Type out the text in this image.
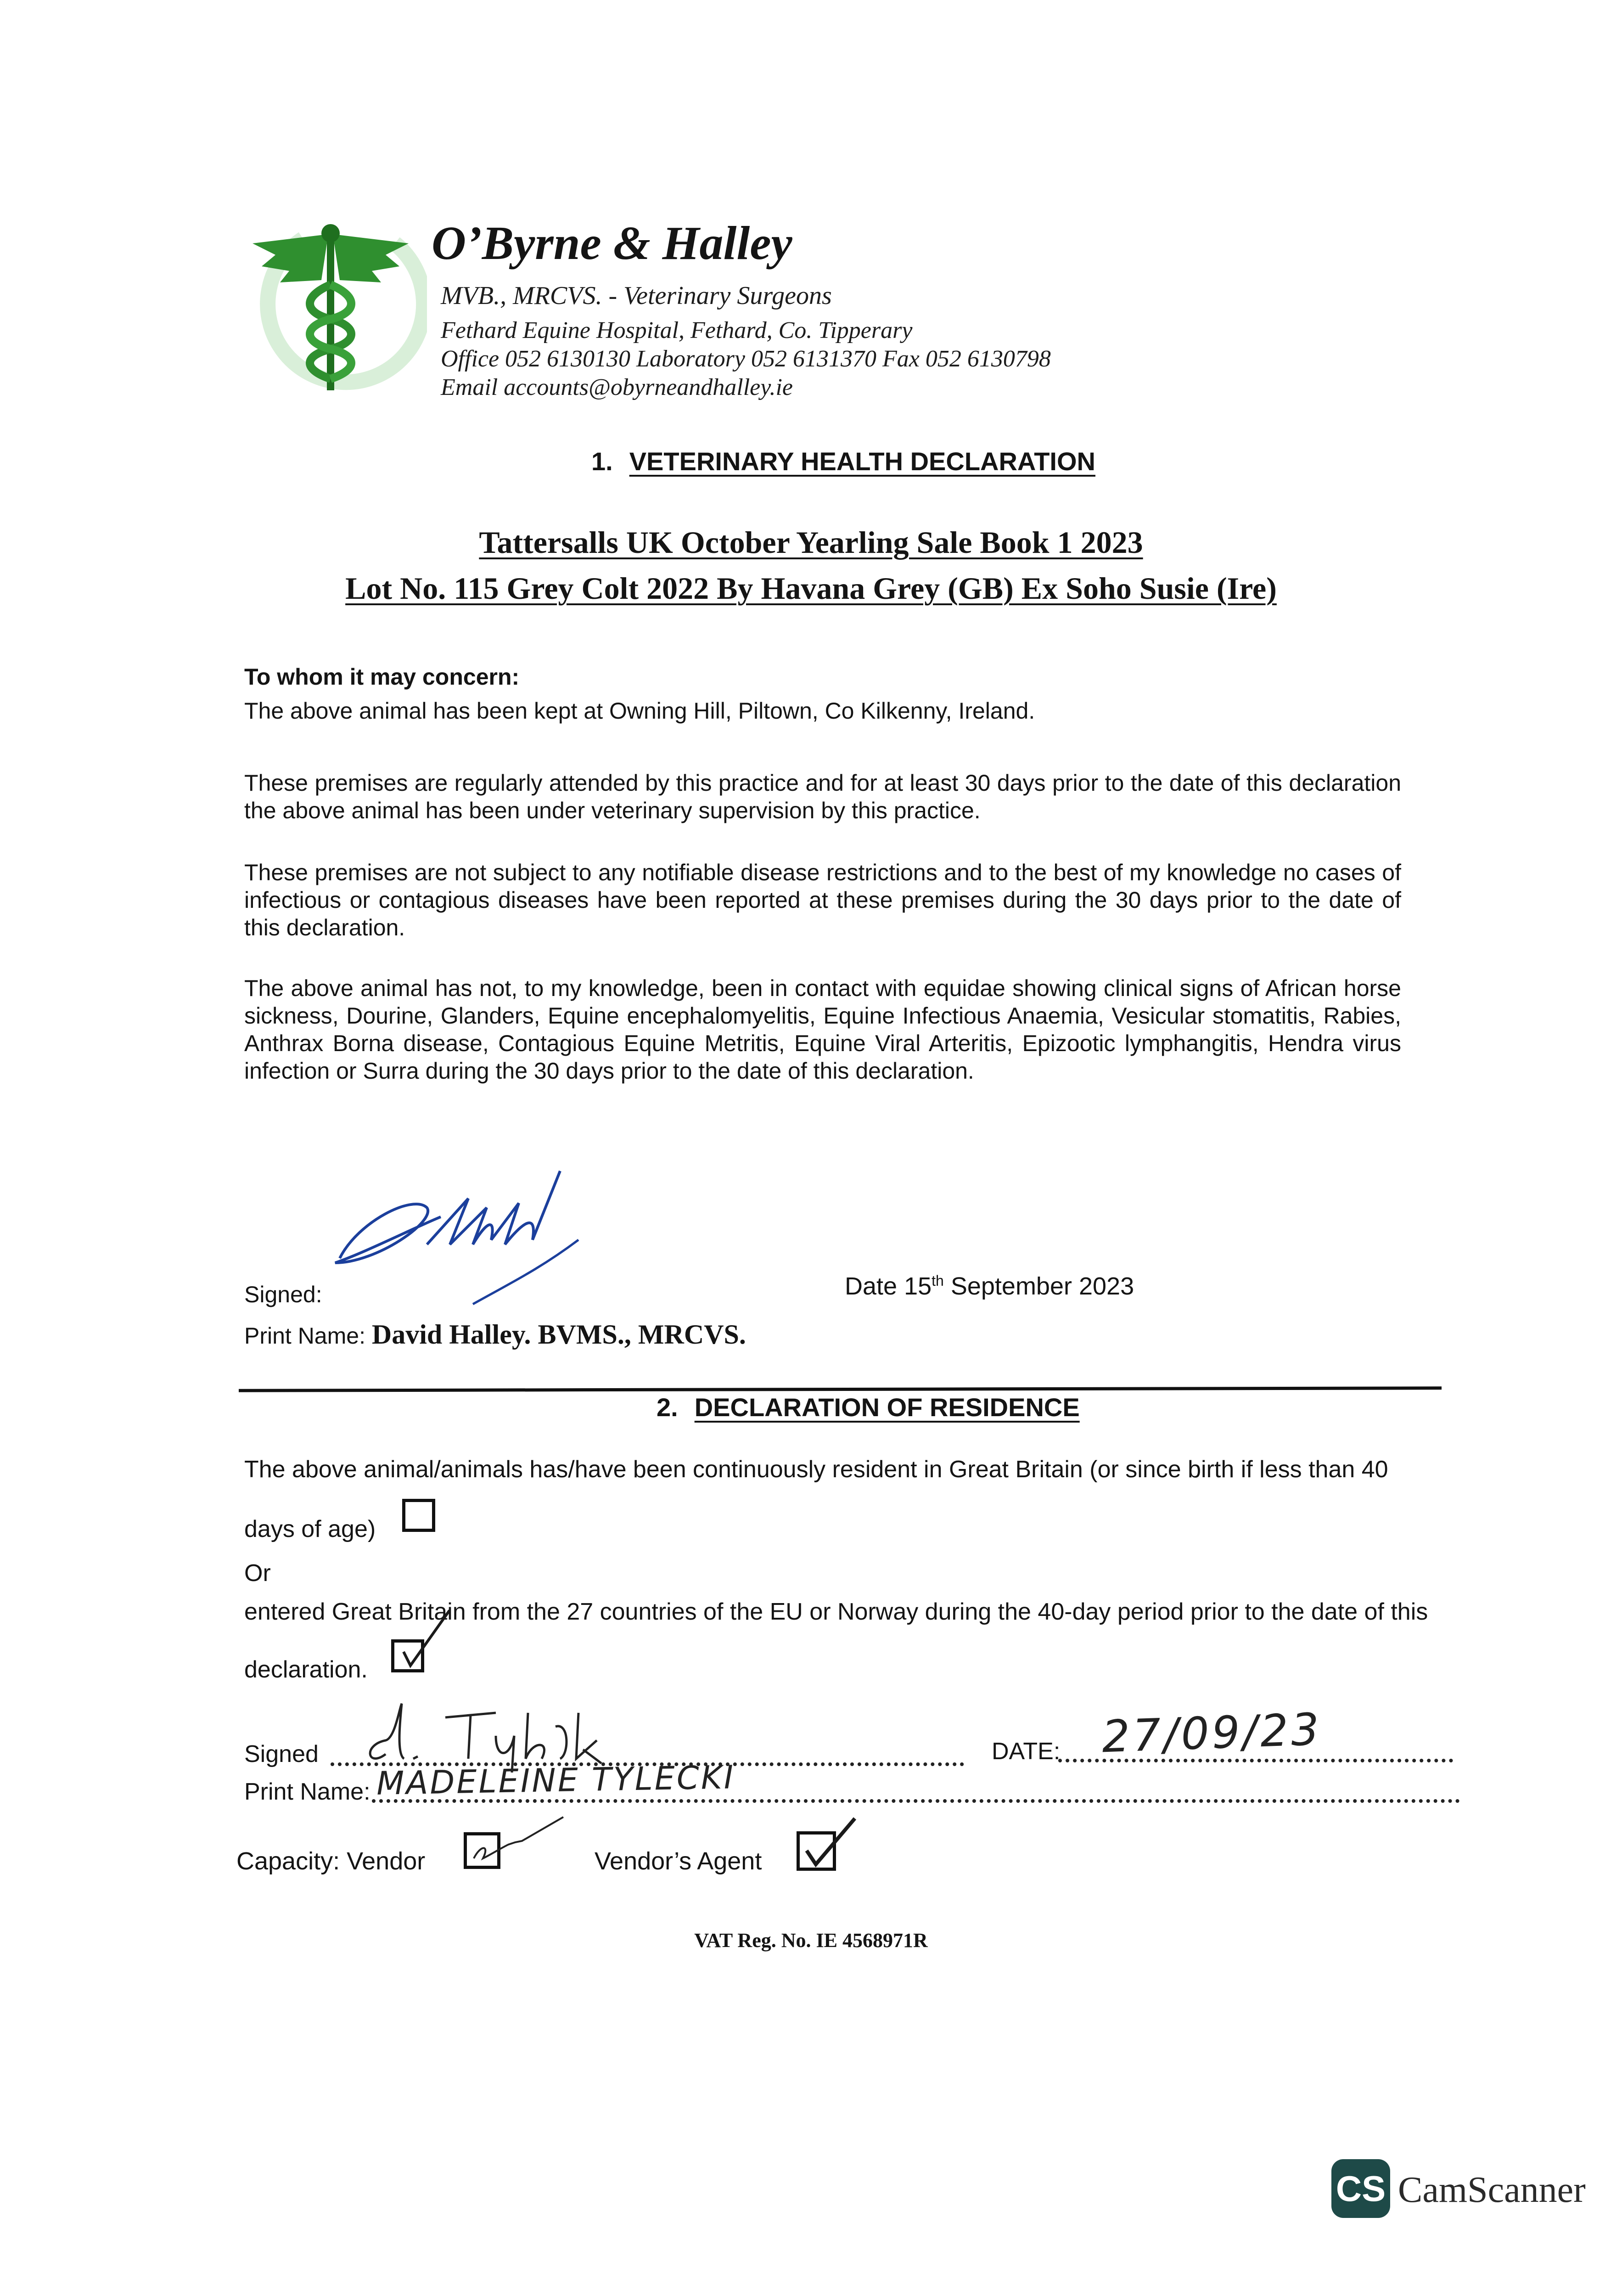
O’Byrne & Halley
MVB., MRCVS. - Veterinary Surgeons
Fethard Equine Hospital, Fethard, Co. Tipperary
Office 052 6130130 Laboratory 052 6131370 Fax 052 6130798
Email accounts@obyrneandhalley.ie
1. VETERINARY HEALTH DECLARATION
Tattersalls UK October Yearling Sale Book 1 2023
Lot No. 115 Grey Colt 2022 By Havana Grey (GB) Ex Soho Susie (Ire)
To whom it may concern:
The above animal has been kept at Owning Hill, Piltown, Co Kilkenny, Ireland.
These premises are regularly attended by this practice and for at least 30 days prior to the date of this declaration the above animal has been under veterinary supervision by this practice.
These premises are not subject to any notifiable disease restrictions and to the best of my knowledge no cases of infectious or contagious diseases have been reported at these premises during the 30 days prior to the date of this declaration.
The above animal has not, to my knowledge, been in contact with equidae showing clinical signs of African horse sickness, Dourine, Glanders, Equine encephalomyelitis, Equine Infectious Anaemia, Vesicular stomatitis, Rabies, Anthrax Borna disease, Contagious Equine Metritis, Equine Viral Arteritis, Epizootic lymphangitis, Hendra virus infection or Surra during the 30 days prior to the date of this declaration.
Signed:	Date 15th September 2023
Print Name: David Halley. BVMS., MRCVS.
2. DECLARATION OF RESIDENCE
The above animal/animals has/have been continuously resident in Great Britain (or since birth if less than 40
days of age)
Or
entered Great Britain from the 27 countries of the EU or Norway during the 40-day period prior to the date of this
declaration.
Signed	DATE: 27/09/23
Print Name: MADELEINE TYLECKI
Capacity: Vendor	Vendor’s Agent
VAT Reg. No. IE 4568971R
CS CamScanner
